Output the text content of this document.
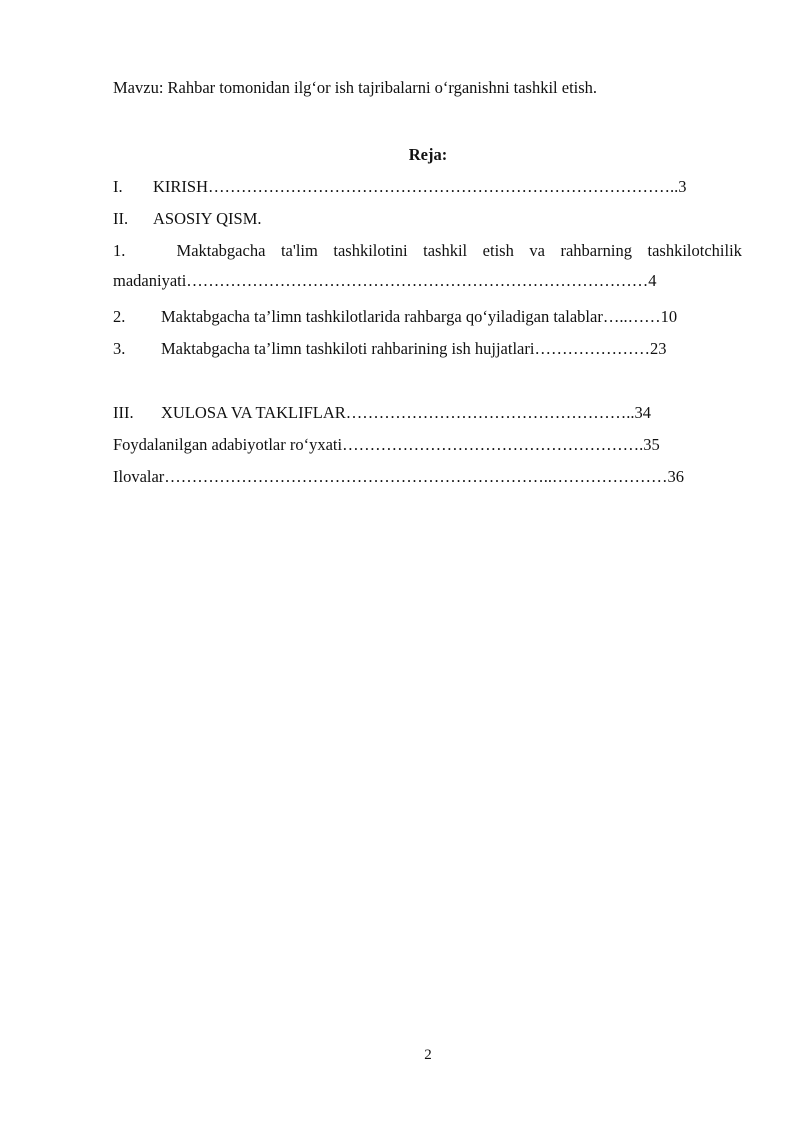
Mavzu: Rahbar tomonidan ilg‘or ish tajribalarni o‘rganishni tashkil etish.
Reja:
I. KIRISH…………………………………………………………………………..3
II. ASOSIY QISM.
1.	Maktabgacha ta'lim tashkilotini tashkil etish va rahbarning tashkilotchilik
madaniyati…………………………………………………………………………4
2. Maktabgacha ta’limn tashkilotlarida rahbarga qo‘yiladigan talablar…..……10
3. Maktabgacha ta’limn tashkiloti rahbarining ish hujjatlari…………………23
III. XULOSA VA TAKLIFLAR……………………………………………..34
Foydalanilgan adabiyotlar ro‘yxati……………………………………………….35
Ilovalar……………………………………………………………..…………………36
2
